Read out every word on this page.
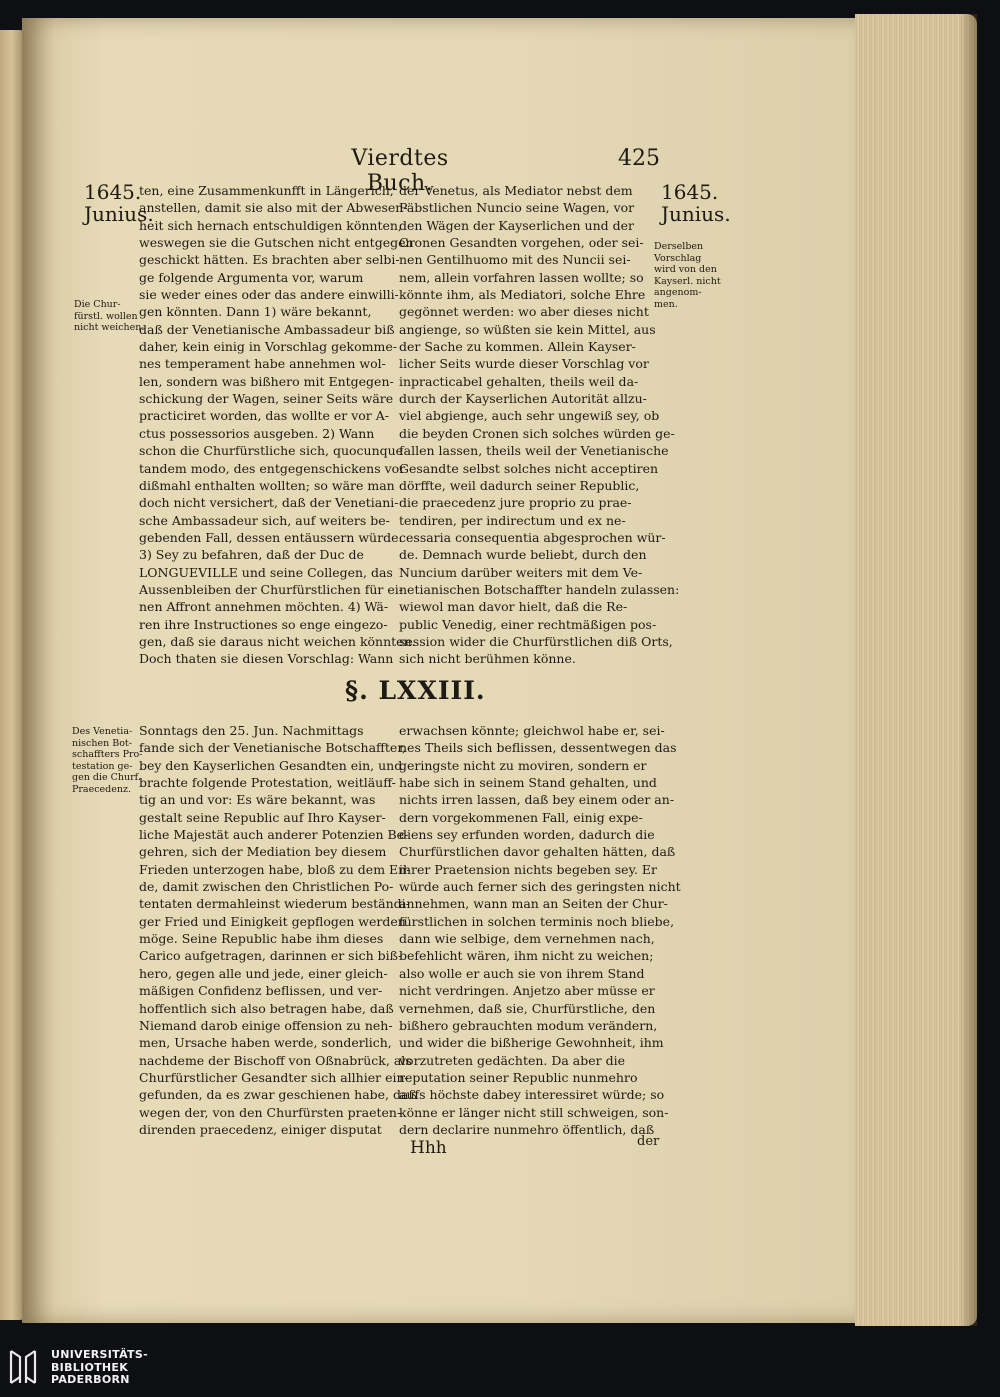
Vierdtes Buch.
425
1645.
Junius.
1645.
Junius.
Die Chur-
fürstl. wollen
nicht weichen.
Derselben
Vorschlag
wird von den
Kayserl. nicht
angenom-
men.
Des Venetia-
nischen Bot-
schaffters Pro-
testation ge-
gen die Churf.
Praecedenz.
ten, eine Zusammenkunfft in Längerich,
anstellen, damit sie also mit der Abwesen-
heit sich hernach entschuldigen könnten,
weswegen sie die Gutschen nicht entgegen
geschickt hätten. Es brachten aber selbi-
ge folgende Argumenta vor, warum
sie weder eines oder das andere einwilli-
gen könnten. Dann 1) wäre bekannt,
daß der Venetianische Ambassadeur biß
daher, kein einig in Vorschlag gekomme-
nes temperament habe annehmen wol-
len, sondern was bißhero mit Entgegen-
schickung der Wagen, seiner Seits wäre
practiciret worden, das wollte er vor A-
ctus possessorios ausgeben. 2) Wann
schon die Churfürstliche sich, quocunque
tandem modo, des entgegenschickens vor
dißmahl enthalten wollten; so wäre man
doch nicht versichert, daß der Venetiani-
sche Ambassadeur sich, auf weiters be-
gebenden Fall, dessen entäussern würde.
3) Sey zu befahren, daß der Duc de
LONGUEVILLE und seine Collegen, das
Aussenbleiben der Churfürstlichen für ei-
nen Affront annehmen möchten. 4) Wä-
ren ihre Instructiones so enge eingezo-
gen, daß sie daraus nicht weichen könnten.
Doch thaten sie diesen Vorschlag: Wann
der Venetus, als Mediator nebst dem
Päbstlichen Nuncio seine Wagen, vor
den Wägen der Kayserlichen und der
Cronen Gesandten vorgehen, oder sei-
nen Gentilhuomo mit des Nuncii sei-
nem, allein vorfahren lassen wollte; so
könnte ihm, als Mediatori, solche Ehre
gegönnet werden: wo aber dieses nicht
angienge, so wüßten sie kein Mittel, aus
der Sache zu kommen. Allein Kayser-
licher Seits wurde dieser Vorschlag vor
inpracticabel gehalten, theils weil da-
durch der Kayserlichen Autorität allzu-
viel abgienge, auch sehr ungewiß sey, ob
die beyden Cronen sich solches würden ge-
fallen lassen, theils weil der Venetianische
Gesandte selbst solches nicht acceptiren
dörffte, weil dadurch seiner Republic,
die praecedenz jure proprio zu prae-
tendiren, per indirectum und ex ne-
cessaria consequentia abgesprochen wür-
de. Demnach wurde beliebt, durch den
Nuncium darüber weiters mit dem Ve-
netianischen Botschaffter handeln zulassen:
wiewol man davor hielt, daß die Re-
public Venedig, einer rechtmäßigen pos-
session wider die Churfürstlichen diß Orts,
sich nicht berühmen könne.
§. LXXIII.
Sonntags den 25. Jun. Nachmittags
fande sich der Venetianische Botschaffter,
bey den Kayserlichen Gesandten ein, und
brachte folgende Protestation, weitläuff-
tig an und vor: Es wäre bekannt, was
gestalt seine Republic auf Ihro Kayser-
liche Majestät auch anderer Potenzien Be-
gehren, sich der Mediation bey diesem
Frieden unterzogen habe, bloß zu dem En-
de, damit zwischen den Christlichen Po-
tentaten dermahleinst wiederum beständi-
ger Fried und Einigkeit gepflogen werden
möge. Seine Republic habe ihm dieses
Carico aufgetragen, darinnen er sich biß-
hero, gegen alle und jede, einer gleich-
mäßigen Confidenz beflissen, und ver-
hoffentlich sich also betragen habe, daß
Niemand darob einige offension zu neh-
men, Ursache haben werde, sonderlich,
nachdeme der Bischoff von Oßnabrück, als
Churfürstlicher Gesandter sich allhier ein-
gefunden, da es zwar geschienen habe, daß
wegen der, von den Churfürsten praeten-
direnden praecedenz, einiger disputat
erwachsen könnte; gleichwol habe er, sei-
nes Theils sich beflissen, dessentwegen das
geringste nicht zu moviren, sondern er
habe sich in seinem Stand gehalten, und
nichts irren lassen, daß bey einem oder an-
dern vorgekommenen Fall, einig expe-
diens sey erfunden worden, dadurch die
Churfürstlichen davor gehalten hätten, daß
ihrer Praetension nichts begeben sey. Er
würde auch ferner sich des geringsten nicht
annehmen, wann man an Seiten der Chur-
fürstlichen in solchen terminis noch bliebe,
dann wie selbige, dem vernehmen nach,
befehlicht wären, ihm nicht zu weichen;
also wolle er auch sie von ihrem Stand
nicht verdringen. Anjetzo aber müsse er
vernehmen, daß sie, Churfürstliche, den
bißhero gebrauchten modum verändern,
und wider die bißherige Gewohnheit, ihm
vorzutreten gedächten. Da aber die
reputation seiner Republic nunmehro
aufs höchste dabey interessiret würde; so
könne er länger nicht still schweigen, son-
dern declarire nunmehro öffentlich, daß
Hhh	der
UNIVERSITÄTS-
BIBLIOTHEK
PADERBORN
